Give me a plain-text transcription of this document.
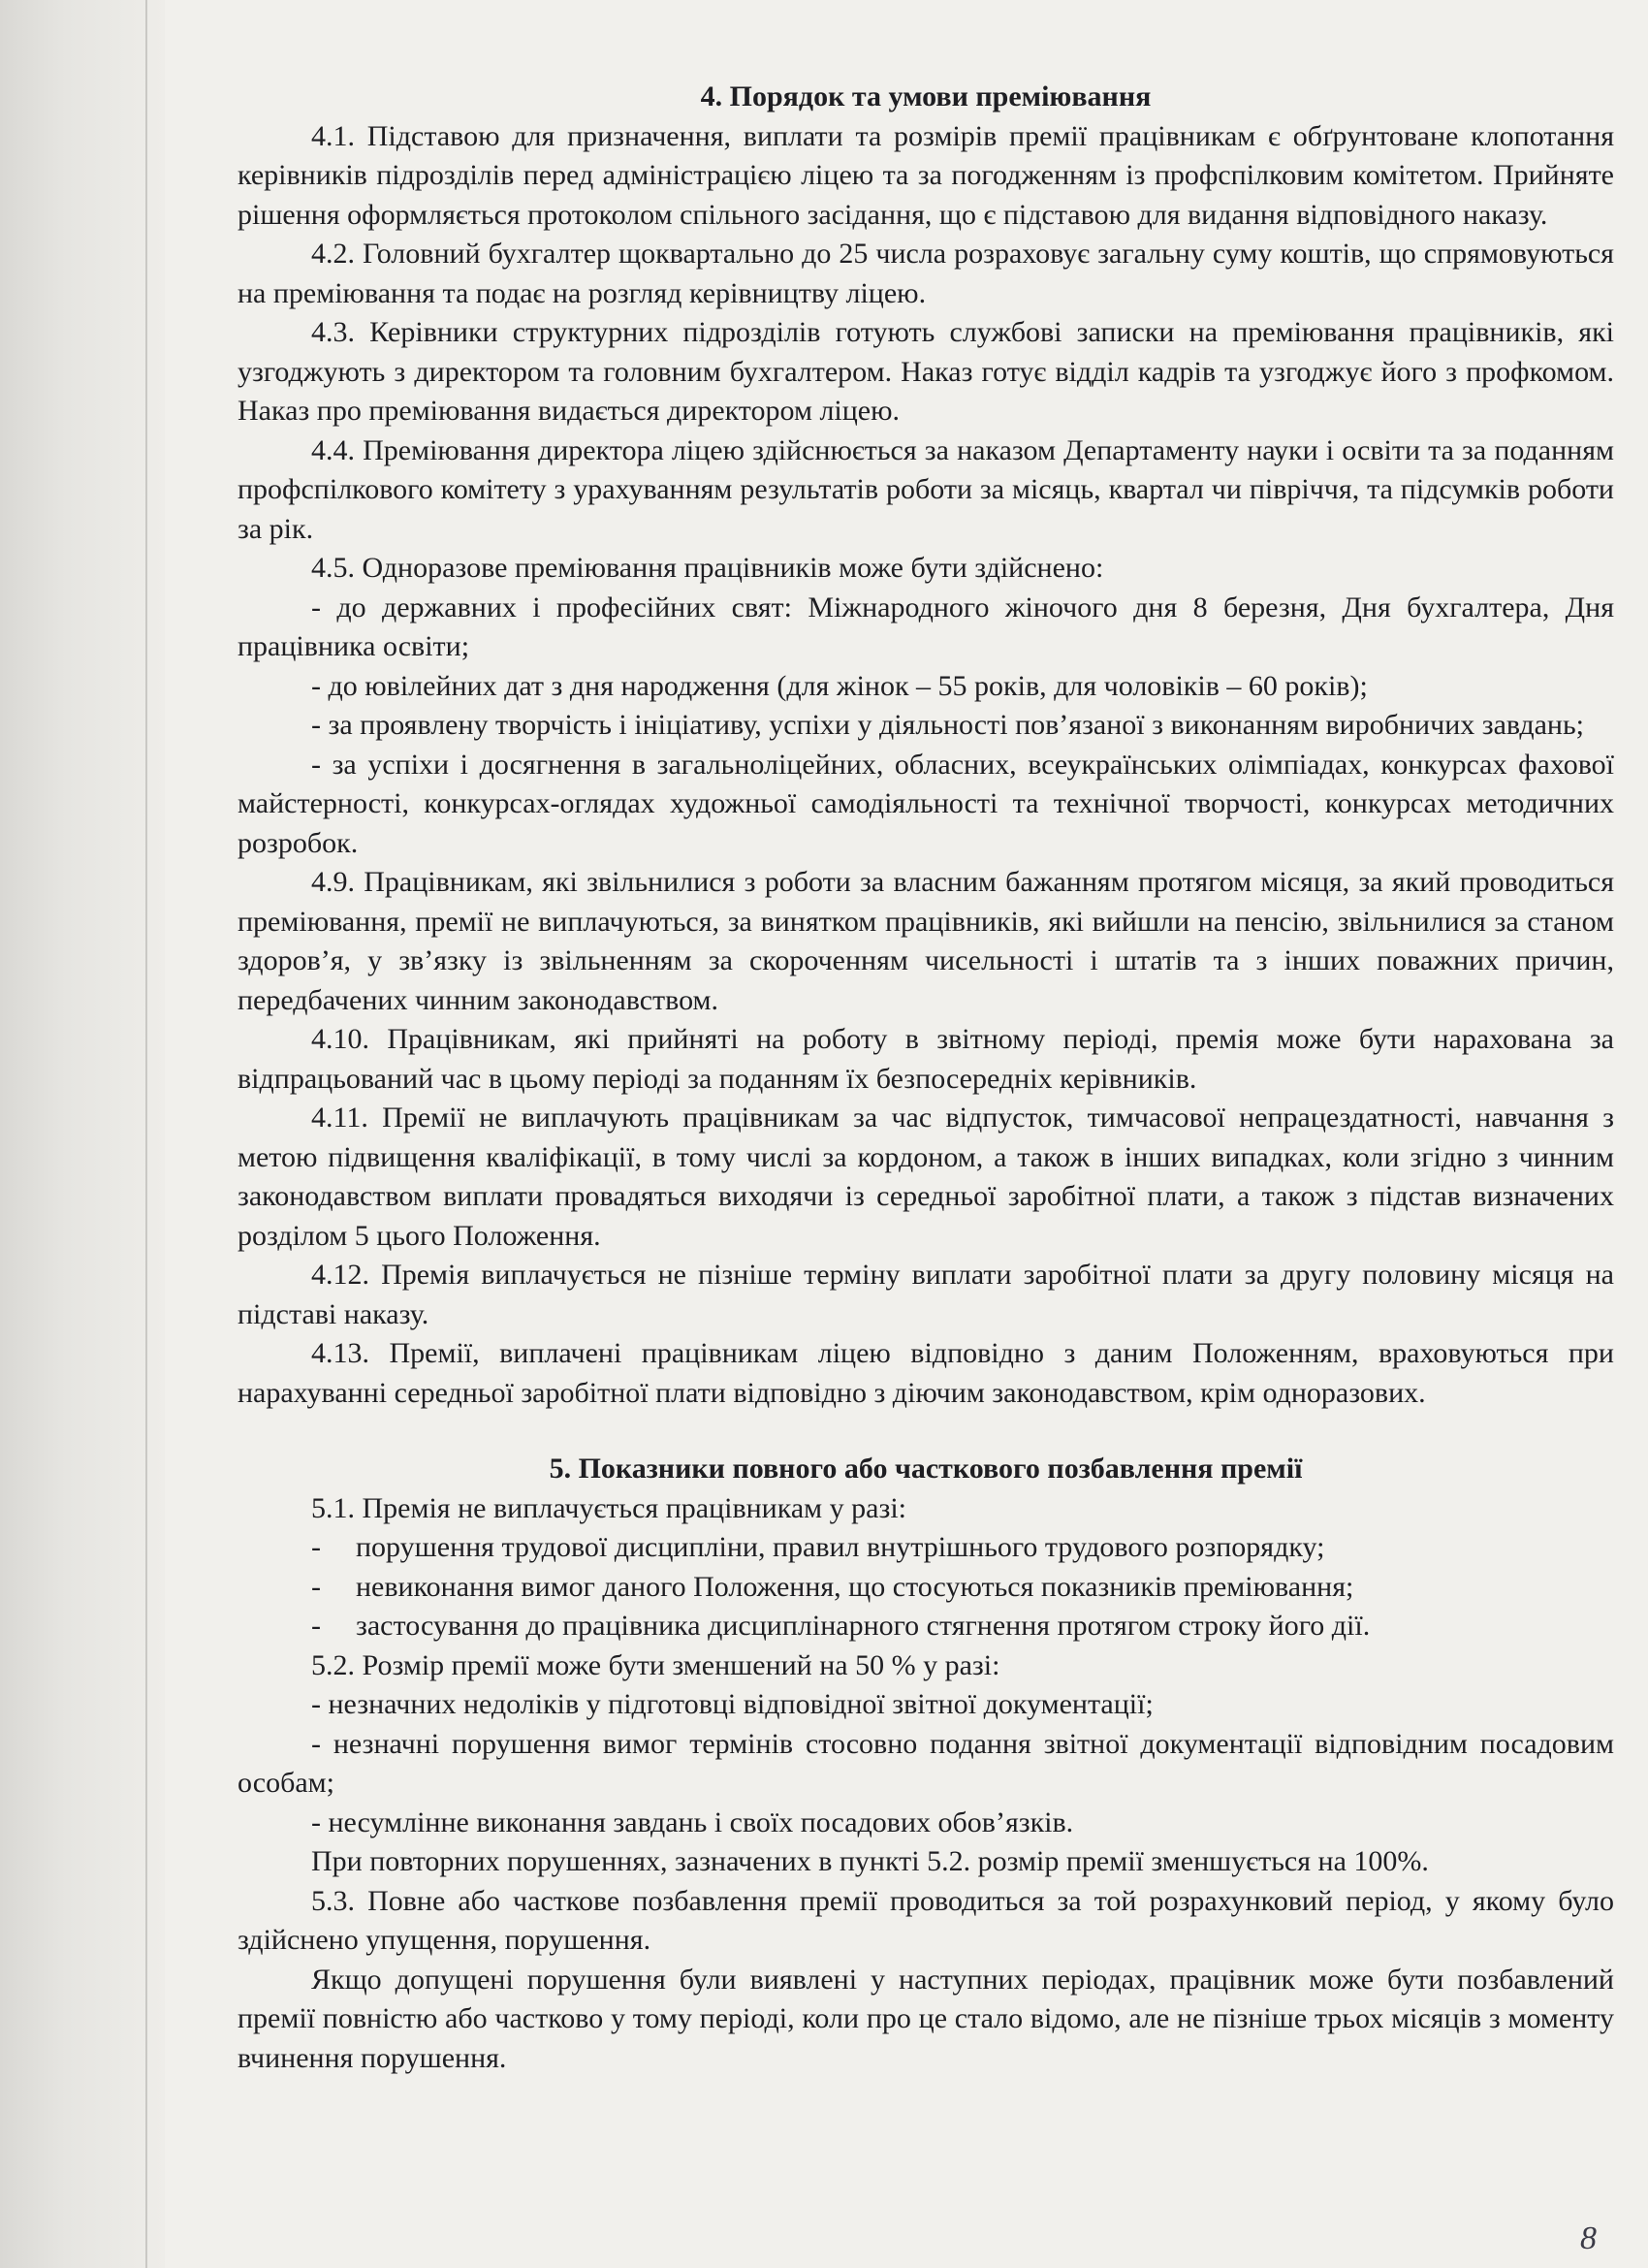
4. Порядок та умови преміювання

4.1. Підставою для призначення, виплати та розмірів премії працівникам є обґрунтоване клопотання керівників підрозділів перед адміністрацією ліцею та за погодженням із профспілковим комітетом. Прийняте рішення оформляється протоколом спільного засідання, що є підставою для видання відповідного наказу.

4.2. Головний бухгалтер щоквартально до 25 числа розраховує загальну суму коштів, що спрямовуються на преміювання та подає на розгляд керівництву ліцею.

4.3. Керівники структурних підрозділів готують службові записки на преміювання працівників, які узгоджують з директором та головним бухгалтером. Наказ готує відділ кадрів та узгоджує його з профкомом. Наказ про преміювання видається директором ліцею.

4.4. Преміювання директора ліцею здійснюється за наказом Департаменту науки і освіти та за поданням профспілкового комітету з урахуванням результатів роботи за місяць, квартал чи півріччя, та підсумків роботи за рік.

4.5. Одноразове преміювання працівників може бути здійснено:

- до державних і професійних свят: Міжнародного жіночого дня 8 березня, Дня бухгалтера, Дня працівника освіти;

- до ювілейних дат з дня народження (для жінок – 55 років, для чоловіків – 60 років);

- за проявлену творчість і ініціативу, успіхи у діяльності пов’язаної з виконанням виробничих завдань;

- за успіхи і досягнення в загальноліцейних, обласних, всеукраїнських олімпіадах, конкурсах фахової майстерності, конкурсах-оглядах художньої самодіяльності та технічної творчості, конкурсах методичних розробок.

4.9. Працівникам, які звільнилися з роботи за власним бажанням протягом місяця, за який проводиться преміювання, премії не виплачуються, за винятком працівників, які вийшли на пенсію, звільнилися за станом здоров’я, у зв’язку із звільненням за скороченням чисельності і штатів та з інших поважних причин, передбачених чинним законодавством.

4.10. Працівникам, які прийняті на роботу в звітному періоді, премія може бути нарахована за відпрацьований час в цьому періоді за поданням їх безпосередніх керівників.

4.11. Премії не виплачують працівникам за час відпусток, тимчасової непрацездатності, навчання з метою підвищення кваліфікації, в тому числі за кордоном, а також в інших випадках, коли згідно з чинним законодавством виплати провадяться виходячи із середньої заробітної плати, а також з підстав визначених розділом 5 цього Положення.

4.12. Премія виплачується не пізніше терміну виплати заробітної плати за другу половину місяця на підставі наказу.

4.13. Премії, виплачені працівникам ліцею відповідно з даним Положенням, враховуються при нарахуванні середньої заробітної плати відповідно з діючим законодавством, крім одноразових.

5. Показники повного або часткового позбавлення премії

5.1. Премія не виплачується працівникам у разі:

-	порушення трудової дисципліни, правил внутрішнього трудового розпорядку;
-	невиконання вимог даного Положення, що стосуються показників преміювання;
-	застосування до працівника дисциплінарного стягнення протягом строку його дії.

5.2. Розмір премії може бути зменшений на 50 % у разі:

- незначних недоліків у підготовці відповідної звітної документації;

- незначні порушення вимог термінів стосовно подання звітної документації відповідним посадовим особам;

- несумлінне виконання завдань і своїх посадових обов’язків.

При повторних порушеннях, зазначених в пункті 5.2. розмір премії зменшується на 100%.

5.3. Повне або часткове позбавлення премії проводиться за той розрахунковий період, у якому було здійснено упущення, порушення.

Якщо допущені порушення були виявлені у наступних періодах, працівник може бути позбавлений премії повністю або частково у тому періоді, коли про це стало відомо, але не пізніше трьох місяців з моменту вчинення порушення.

8
